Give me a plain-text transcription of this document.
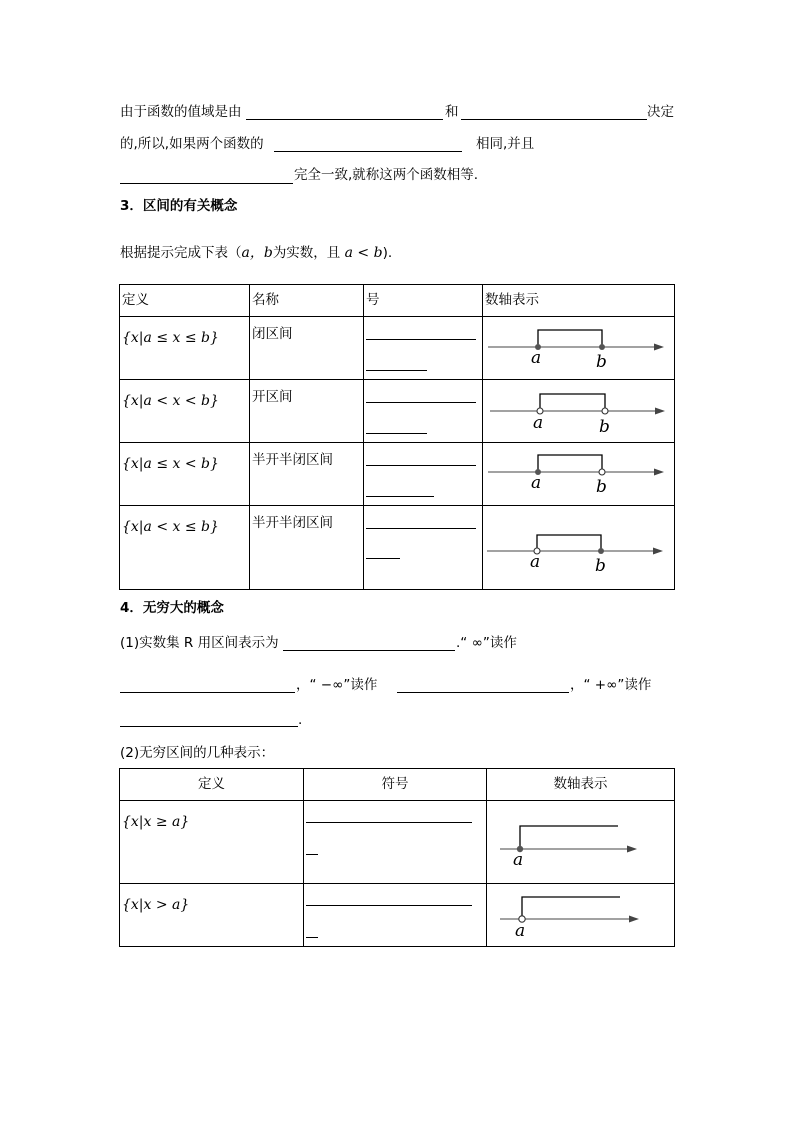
由于函数的值域是由	和	决定
的,所以,如果两个函数的	相同,并且
完全一致,就称这两个函数相等.
3．区间的有关概念
根据提示完成下表（a，b为实数，且 a < b).
定义	名称	号	数轴表示

{x|a ≤ x ≤ b}	闭区间		a b

{x|a < x < b}	开区间		a b

{x|a ≤ x < b}	半开半闭区间		a b

{x|a < x ≤ b}	半开半闭区间		a b
4．无穷大的概念
(1)实数集 R 用区间表示为	.“ ∞”读作
，“ −∞”读作	，“ +∞”读作
.
(2)无穷区间的几种表示：
定义	符号	数轴表示

{x|x ≥ a}		a

{x|x > a}		a
